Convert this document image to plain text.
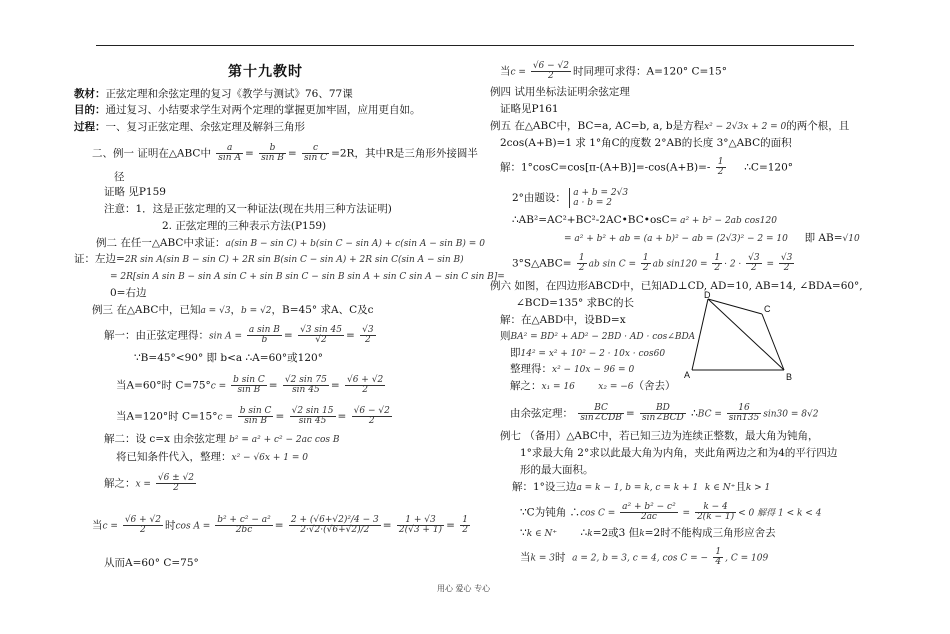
第十九教时
教材：正弦定理和余弦定理的复习《教学与测试》76、77课
目的：通过复习、小结要求学生对两个定理的掌握更加牢固，应用更自如。
过程：一、复习正弦定理、余弦定理及解斜三角形
二、例一 证明在△ABC中 $\frac{a}{\text{sin A}} = \frac{b}{\text{sin B}} = \frac{c}{\text{sin C}} =2R$，其中R是三角形外接圆半
径
证略 见P159
注意：1．这是正弦定理的又一种证法(现在共用三种方法证明)
2. 正弦定理的三种表示方法(P159)
例二 在任一△ABC中求证：a(sin B − sin C) + b(sin C − sin A) + c(sin A − sin B) = 0
证：左边=2R sin A(sin B − sin C) + 2R sin B(sin C − sin A) + 2R sin C(sin A − sin B)
= 2R[sin A sin B − sin A sin C + sin B sin C − sin B sin A + sin C sin A − sin C sin B]=
0=右边
例三 在△ABC中，已知a = √3，b = √2，B=45° 求A、C及c
解一：由正弦定理得：$\sin A = \frac{\text{a sin B}}{b} = \frac{√3 \sin 45}{√2} = \frac{√3}{2}$
∵B=45°<90° 即 b<a ∴A=60°或120°
当A=60°时 $C=75^\circ c = \frac{\text{b sin C}}{\text{sin B}} = \frac{√2 \sin 75}{\sin 45} = \frac{√6 + √2}{2}$
当A=120°时 $C=15^\circ c = \frac{\text{b sin C}}{\text{sin B}} = \frac{√2 \sin 15}{\sin 45} = \frac{√6 - √2}{2}$
解二：设 c=x 由余弦定理 b² = a² + c² − 2ac cos B
将已知条件代入，整理：x² − √6x + 1 = 0
解之：$x = \frac{√6 \pm √2}{2}$
当$c = \frac{√6 + √2}{2}$ 时$\cos A = \frac{\text{b² + c² − a²}}{2bc} = \frac{\text{2 + (√6+√2)²/4 − 3}}{2\cdot√2\cdot(√6+√2)/2} = \frac{1 + √3}{2(√3 + 1)} = \frac{1}{2}$
从而A=60° C=75°
当$c = \frac{√6 - √2}{2}$ 时同理可求得：A=120° C=15°
例四 试用坐标法证明余弦定理
证略见P161
例五 在△ABC中，BC=a, AC=b, a, b是方程x² − 2√3x + 2 = 0的两个根，且
2cos(A+B)=1 求 1°角C的度数 2°AB的长度 3°△ABC的面积
解：$1^\circ\cos C=\cos[\pi-(A+B)]=-\cos(A+B)=- \frac{1}{2}$ ∴C=120°
2°由题设： a + b = 2√3
a · b = 2
∴AB²=AC²+BC²-2AC•BC•osC= a² + b² − 2ab cos120
= a² + b² + ab = (a + b)² − ab = (2√3)² − 2 = 10 即 AB=√10
3°S△ABC= $\frac{1}{2}$ ab $\sin C = \frac{1}{2}$ ab $\sin 120 = \frac{1}{2} \cdot 2 \cdot \frac{√3}{2} = \frac{√3}{2}$
例六 如图，在四边形ABCD中，已知AD⊥CD, AD=10, AB=14, ∠BDA=60°,
∠BCD=135° 求BC的长
解：在△ABD中，设BD=x
则BA² = BD² + AD² − 2BD · AD · cos∠BDA
即14² = x² + 10² − 2 · 10x · cos60
整理得：x² − 10x − 96 = 0
解之：x₁ = 16	x₂ = −6（舍去）
由余弦定理： $\frac{BC}{\text{sin∠CDB}} = \frac{BD}{\text{sin∠BCD}}$ ∴BC = $\frac{16}{\sin 135} \sin 30 = 8√2$
例七 （备用）△ABC中，若已知三边为连续正整数，最大角为钝角，
1°求最大角 2°求以此最大角为内角，夹此角两边之和为4的平行四边
形的最大面积。
解：1°设三边a = k − 1, b = k, c = k + 1 k ∈ N⁺且k > 1
∵C为钝角 ∴cos $C = \frac{\text{a² + b² − c²}}{2ac} = \frac{k - 4}{2(k - 1)} < 0$ 解得 1 < k < 4
∵k ∈ N⁺ ∴k=2或3 但k=2时不能构成三角形应舍去
当k = 3时 a = 2, b = 3, c = 4, cos C = − $\frac{1}{4}$ , C = 109
D
C
A	B
用心 爱心 专心
